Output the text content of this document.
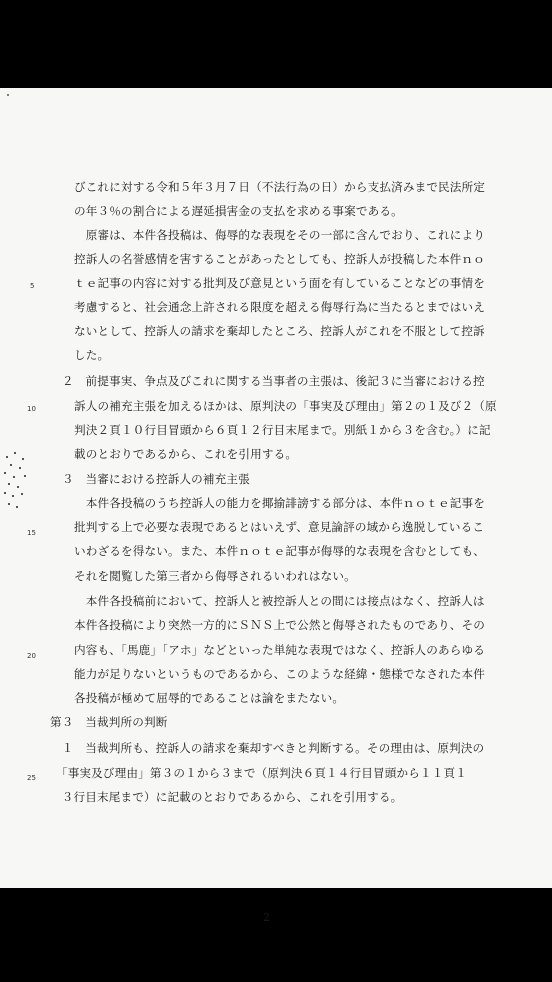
びこれに対する令和５年３月７日（不法行為の日）から支払済みまで民法所定
の年３％の割合による遅延損害金の支払を求める事案である。
　原審は、本件各投稿は、侮辱的な表現をその一部に含んでおり、これにより
控訴人の名誉感情を害することがあったとしても、控訴人が投稿した本件ｎｏ
ｔｅ記事の内容に対する批判及び意見という面を有していることなどの事情を
考慮すると、社会通念上許される限度を超える侮辱行為に当たるとまではいえ
ないとして、控訴人の請求を棄却したところ、控訴人がこれを不服として控訴
した。
２　前提事実、争点及びこれに関する当事者の主張は、後記３に当審における控
訴人の補充主張を加えるほかは、原判決の「事実及び理由」第２の１及び２（原
判決２頁１０行目冒頭から６頁１２行目末尾まで。別紙１から３を含む。）に記
載のとおりであるから、これを引用する。
３　当審における控訴人の補充主張
　本件各投稿のうち控訴人の能力を揶揄誹謗する部分は、本件ｎｏｔｅ記事を
批判する上で必要な表現であるとはいえず、意見論評の域から逸脱しているこ
いわざるを得ない。また、本件ｎｏｔｅ記事が侮辱的な表現を含むとしても、
それを閲覧した第三者から侮辱されるいわれはない。
　本件各投稿前において、控訴人と被控訴人との間には接点はなく、控訴人は
本件各投稿により突然一方的にＳＮＳ上で公然と侮辱されたものであり、その
内容も、「馬鹿」「アホ」などといった単純な表現ではなく、控訴人のあらゆる
能力が足りないというものであるから、このような経緯・態様でなされた本件
各投稿が極めて屈辱的であることは論をまたない。
第３　当裁判所の判断
　１　当裁判所も、控訴人の請求を棄却すべきと判断する。その理由は、原判決の
　「事実及び理由」第３の１から３まで（原判決６頁１４行目冒頭から１１頁１
　３行目末尾まで）に記載のとおりであるから、これを引用する。
5
10
15
20
25
2
